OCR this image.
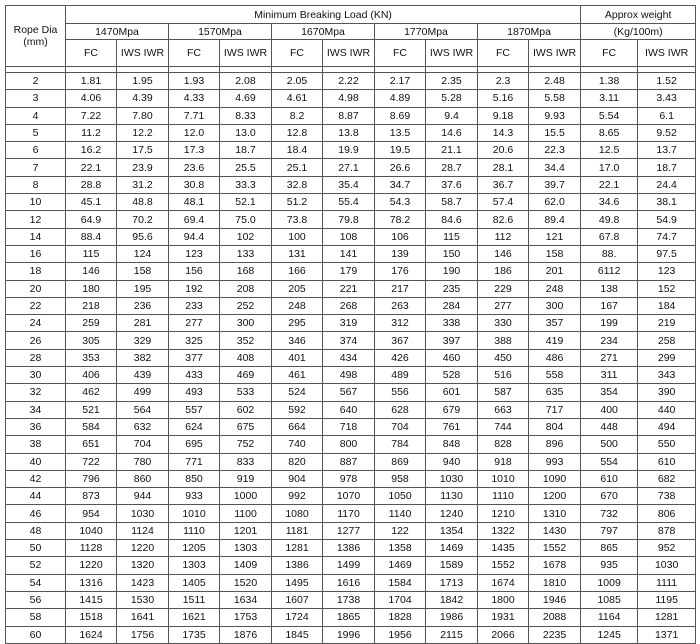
Rope Dia (mm)	Minimum Breaking Load (KN)										Approx weight	
	1470Mpa		1570Mpa		1670Mpa		1770Mpa		1870Mpa		(Kg/100m)	
	FC	IWS IWR	FC	IWS IWR	FC	IWS IWR	FC	IWS IWR	FC	IWS IWR	FC	IWS IWR

2	1.81	1.95	1.93	2.08	2.05	2.22	2.17	2.35	2.3	2.48	1.38	1.52
3	4.06	4.39	4.33	4.69	4.61	4.98	4.89	5.28	5.16	5.58	3.11	3.43
4	7.22	7.80	7.71	8.33	8.2	8.87	8.69	9.4	9.18	9.93	5.54	6.1
5	11.2	12.2	12.0	13.0	12.8	13.8	13.5	14.6	14.3	15.5	8.65	9.52
6	16.2	17.5	17.3	18.7	18.4	19.9	19.5	21.1	20.6	22.3	12.5	13.7
7	22.1	23.9	23.6	25.5	25.1	27.1	26.6	28.7	28.1	34.4	17.0	18.7
8	28.8	31.2	30.8	33.3	32.8	35.4	34.7	37.6	36.7	39.7	22.1	24.4
10	45.1	48.8	48.1	52.1	51.2	55.4	54.3	58.7	57.4	62.0	34.6	38.1
12	64.9	70.2	69.4	75.0	73.8	79.8	78.2	84.6	82.6	89.4	49.8	54.9
14	88.4	95.6	94.4	102	100	108	106	115	112	121	67.8	74.7
16	115	124	123	133	131	141	139	150	146	158	88.	97.5
18	146	158	156	168	166	179	176	190	186	201	6112	123
20	180	195	192	208	205	221	217	235	229	248	138	152
22	218	236	233	252	248	268	263	284	277	300	167	184
24	259	281	277	300	295	319	312	338	330	357	199	219
26	305	329	325	352	346	374	367	397	388	419	234	258
28	353	382	377	408	401	434	426	460	450	486	271	299
30	406	439	433	469	461	498	489	528	516	558	311	343
32	462	499	493	533	524	567	556	601	587	635	354	390
34	521	564	557	602	592	640	628	679	663	717	400	440
36	584	632	624	675	664	718	704	761	744	804	448	494
38	651	704	695	752	740	800	784	848	828	896	500	550
40	722	780	771	833	820	887	869	940	918	993	554	610
42	796	860	850	919	904	978	958	1030	1010	1090	610	682
44	873	944	933	1000	992	1070	1050	1130	1110	1200	670	738
46	954	1030	1010	1100	1080	1170	1140	1240	1210	1310	732	806
48	1040	1124	1110	1201	1181	1277	122	1354	1322	1430	797	878
50	1128	1220	1205	1303	1281	1386	1358	1469	1435	1552	865	952
52	1220	1320	1303	1409	1386	1499	1469	1589	1552	1678	935	1030
54	1316	1423	1405	1520	1495	1616	1584	1713	1674	1810	1009	1111
56	1415	1530	1511	1634	1607	1738	1704	1842	1800	1946	1085	1195
58	1518	1641	1621	1753	1724	1865	1828	1986	1931	2088	1164	1281
60	1624	1756	1735	1876	1845	1996	1956	2115	2066	2235	1245	1371
